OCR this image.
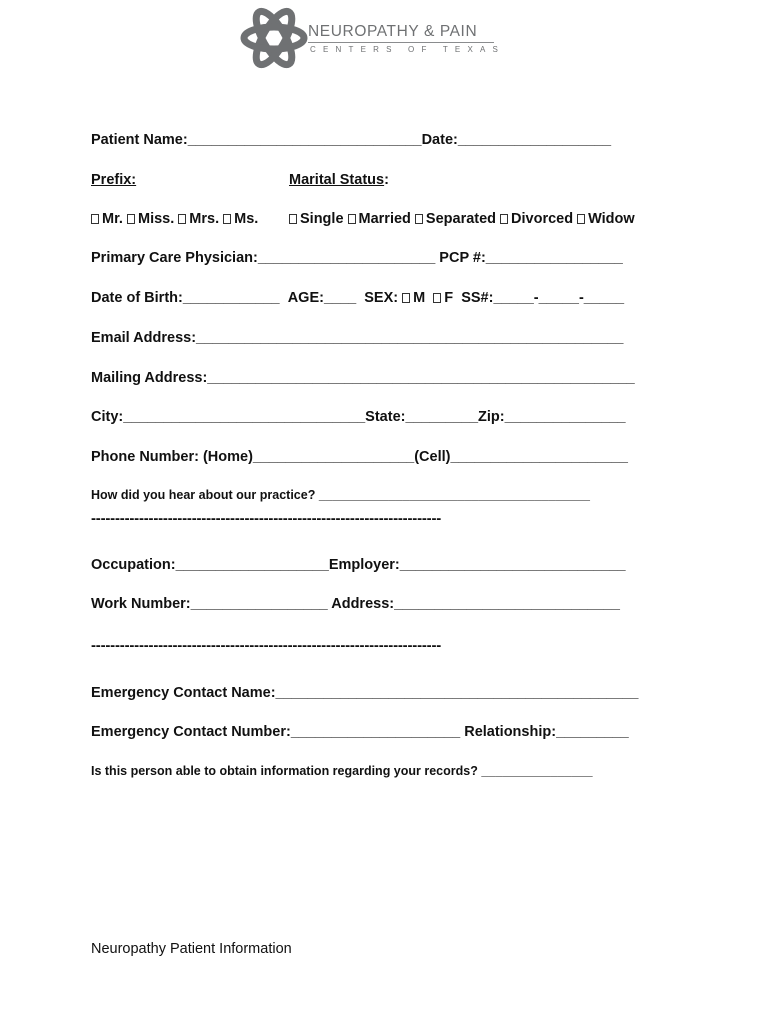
NEUROPATHY & PAIN
CENTERS OF TEXAS
Patient Name:_____________________________Date:___________________
Prefix:	Marital Status:
Mr. Miss. Mrs. Ms.	Single Married Separated Divorced Widow
Primary Care Physician:______________________ PCP #:_________________
Date of Birth:____________ AGE:____ SEX: M F SS#:_____-_____-_____
Email Address:_____________________________________________________
Mailing Address:_____________________________________________________
City:______________________________State:_________Zip:_______________
Phone Number: (Home)____________________(Cell)______________________
How did you hear about our practice? _______________________________________
-------------------------------------------------------------------------
Occupation:___________________Employer:____________________________
Work Number:_________________ Address:____________________________
-------------------------------------------------------------------------
Emergency Contact Name:_____________________________________________
Emergency Contact Number:_____________________ Relationship:_________
Is this person able to obtain information regarding your records? ________________
Neuropathy Patient Information
